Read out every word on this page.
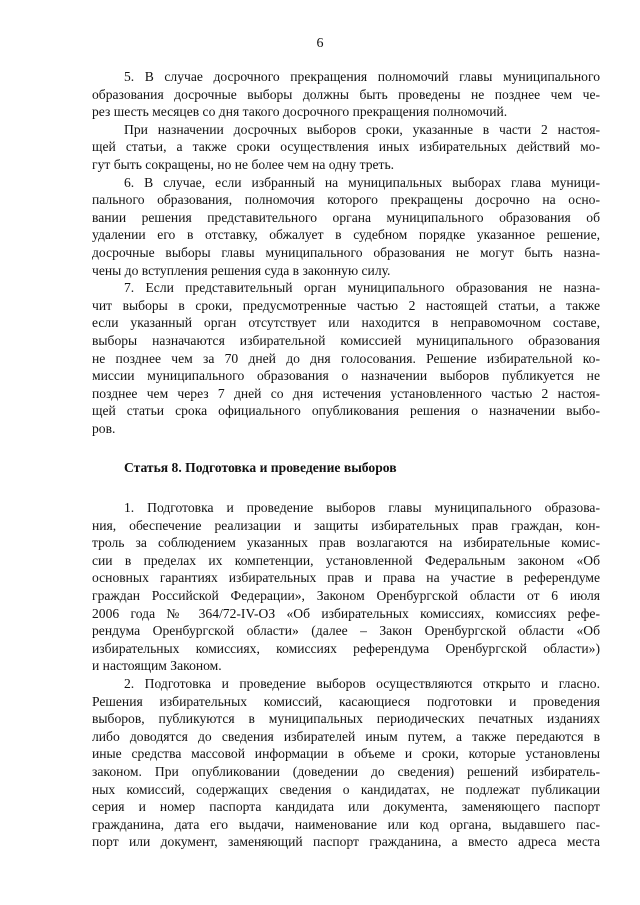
6

5. В случае досрочного прекращения полномочий главы муниципального
образования досрочные выборы должны быть проведены не позднее чем че-
рез шесть месяцев со дня такого досрочного прекращения полномочий.

При назначении досрочных выборов сроки, указанные в части 2 настоя-
щей статьи, а также сроки осуществления иных избирательных действий мо-
гут быть сокращены, но не более чем на одну треть.

6. В случае, если избранный на муниципальных выборах глава муници-
пального образования, полномочия которого прекращены досрочно на осно-
вании решения представительного органа муниципального образования об
удалении его в отставку, обжалует в судебном порядке указанное решение,
досрочные выборы главы муниципального образования не могут быть назна-
чены до вступления решения суда в законную силу.

7. Если представительный орган муниципального образования не назна-
чит выборы в сроки, предусмотренные частью 2 настоящей статьи, а также
если указанный орган отсутствует или находится в неправомочном составе,
выборы назначаются избирательной комиссией муниципального образования
не позднее чем за 70 дней до дня голосования. Решение избирательной ко-
миссии муниципального образования о назначении выборов публикуется не
позднее чем через 7 дней со дня истечения установленного частью 2 настоя-
щей статьи срока официального опубликования решения о назначении выбо-
ров.

Статья 8. Подготовка и проведение выборов

1. Подготовка и проведение выборов главы муниципального образова-
ния, обеспечение реализации и защиты избирательных прав граждан, кон-
троль за соблюдением указанных прав возлагаются на избирательные комис-
сии в пределах их компетенции, установленной Федеральным законом «Об
основных гарантиях избирательных прав и права на участие в референдуме
граждан Российской Федерации», Законом Оренбургской области от 6 июля
2006 года № 364/72-IV-ОЗ «Об избирательных комиссиях, комиссиях рефе-
рендума Оренбургской области» (далее – Закон Оренбургской области «Об
избирательных комиссиях, комиссиях референдума Оренбургской области»)
и настоящим Законом.

2. Подготовка и проведение выборов осуществляются открыто и гласно.
Решения избирательных комиссий, касающиеся подготовки и проведения
выборов, публикуются в муниципальных периодических печатных изданиях
либо доводятся до сведения избирателей иным путем, а также передаются в
иные средства массовой информации в объеме и сроки, которые установлены
законом. При опубликовании (доведении до сведения) решений избиратель-
ных комиссий, содержащих сведения о кандидатах, не подлежат публикации
серия и номер паспорта кандидата или документа, заменяющего паспорт
гражданина, дата его выдачи, наименование или код органа, выдавшего пас-
порт или документ, заменяющий паспорт гражданина, а вместо адреса места
